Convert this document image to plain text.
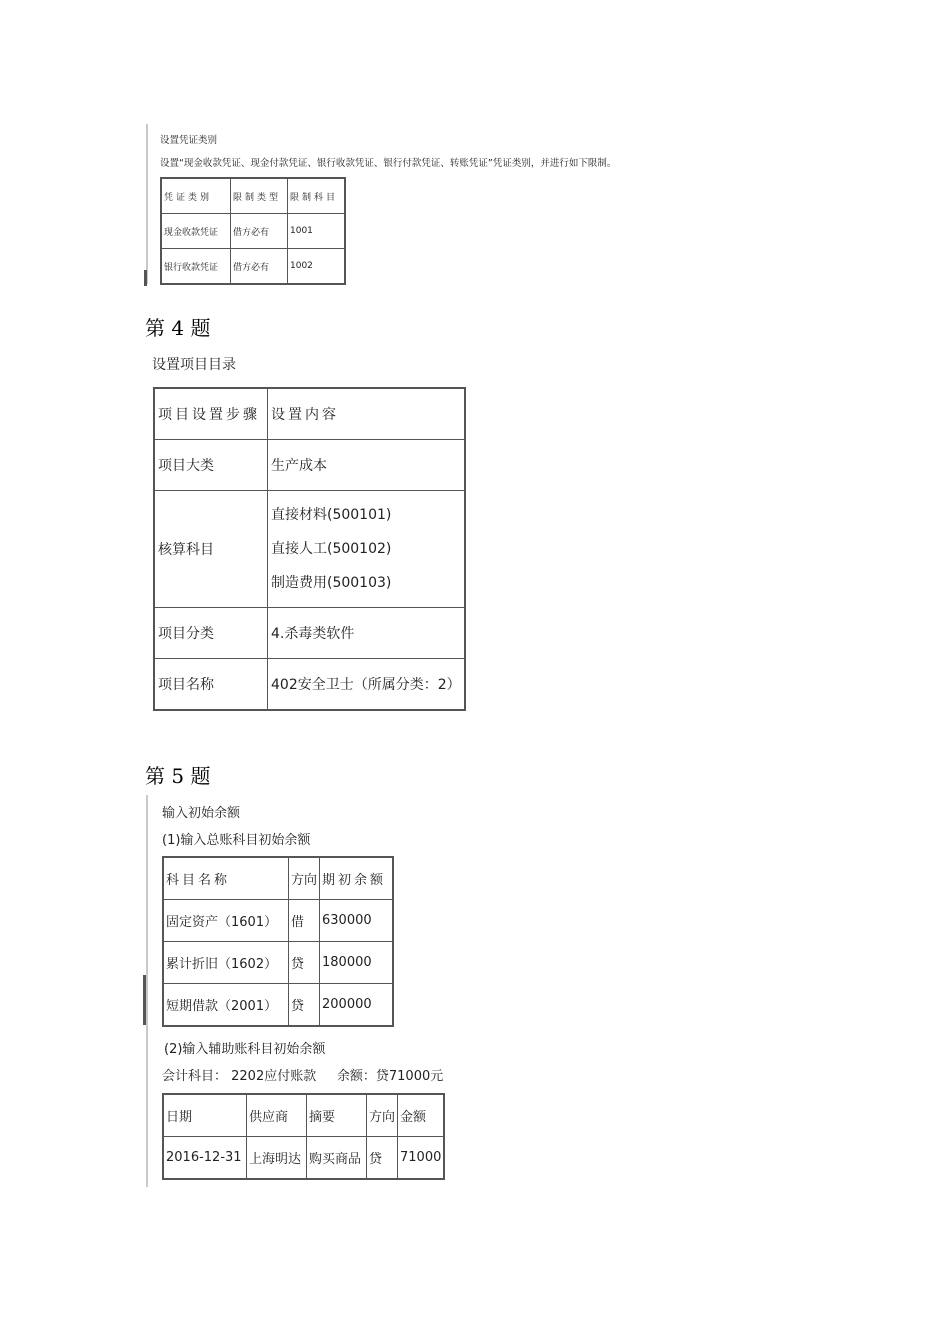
设置凭证类别
设置“现金收款凭证、现金付款凭证、银行收款凭证、银行付款凭证、转账凭证”凭证类别，并进行如下限制。
凭证类别	限制类型	限制科目
现金收款凭证	借方必有	1001
银行收款凭证	借方必有	1002
第 4 题
设置项目目录
项目设置步骤	设置内容
项目大类	生产成本
核算科目	直接材料(500101)
直接人工(500102)
制造费用(500103)

项目分类	4.杀毒类软件
项目名称	402安全卫士（所属分类：2）
第 5 题
输入初始余额
(1)输入总账科目初始余额
科目名称	方向	期初余额
固定资产（1601）	借	630000
累计折旧（1602）	贷	180000
短期借款（2001）	贷	200000
(2)输入辅助账科目初始余额
会计科目： 2202应付账款     余额：贷71000元
日期	供应商	摘要	方向	金额
2016-12-31	上海明达	购买商品	贷	71000
